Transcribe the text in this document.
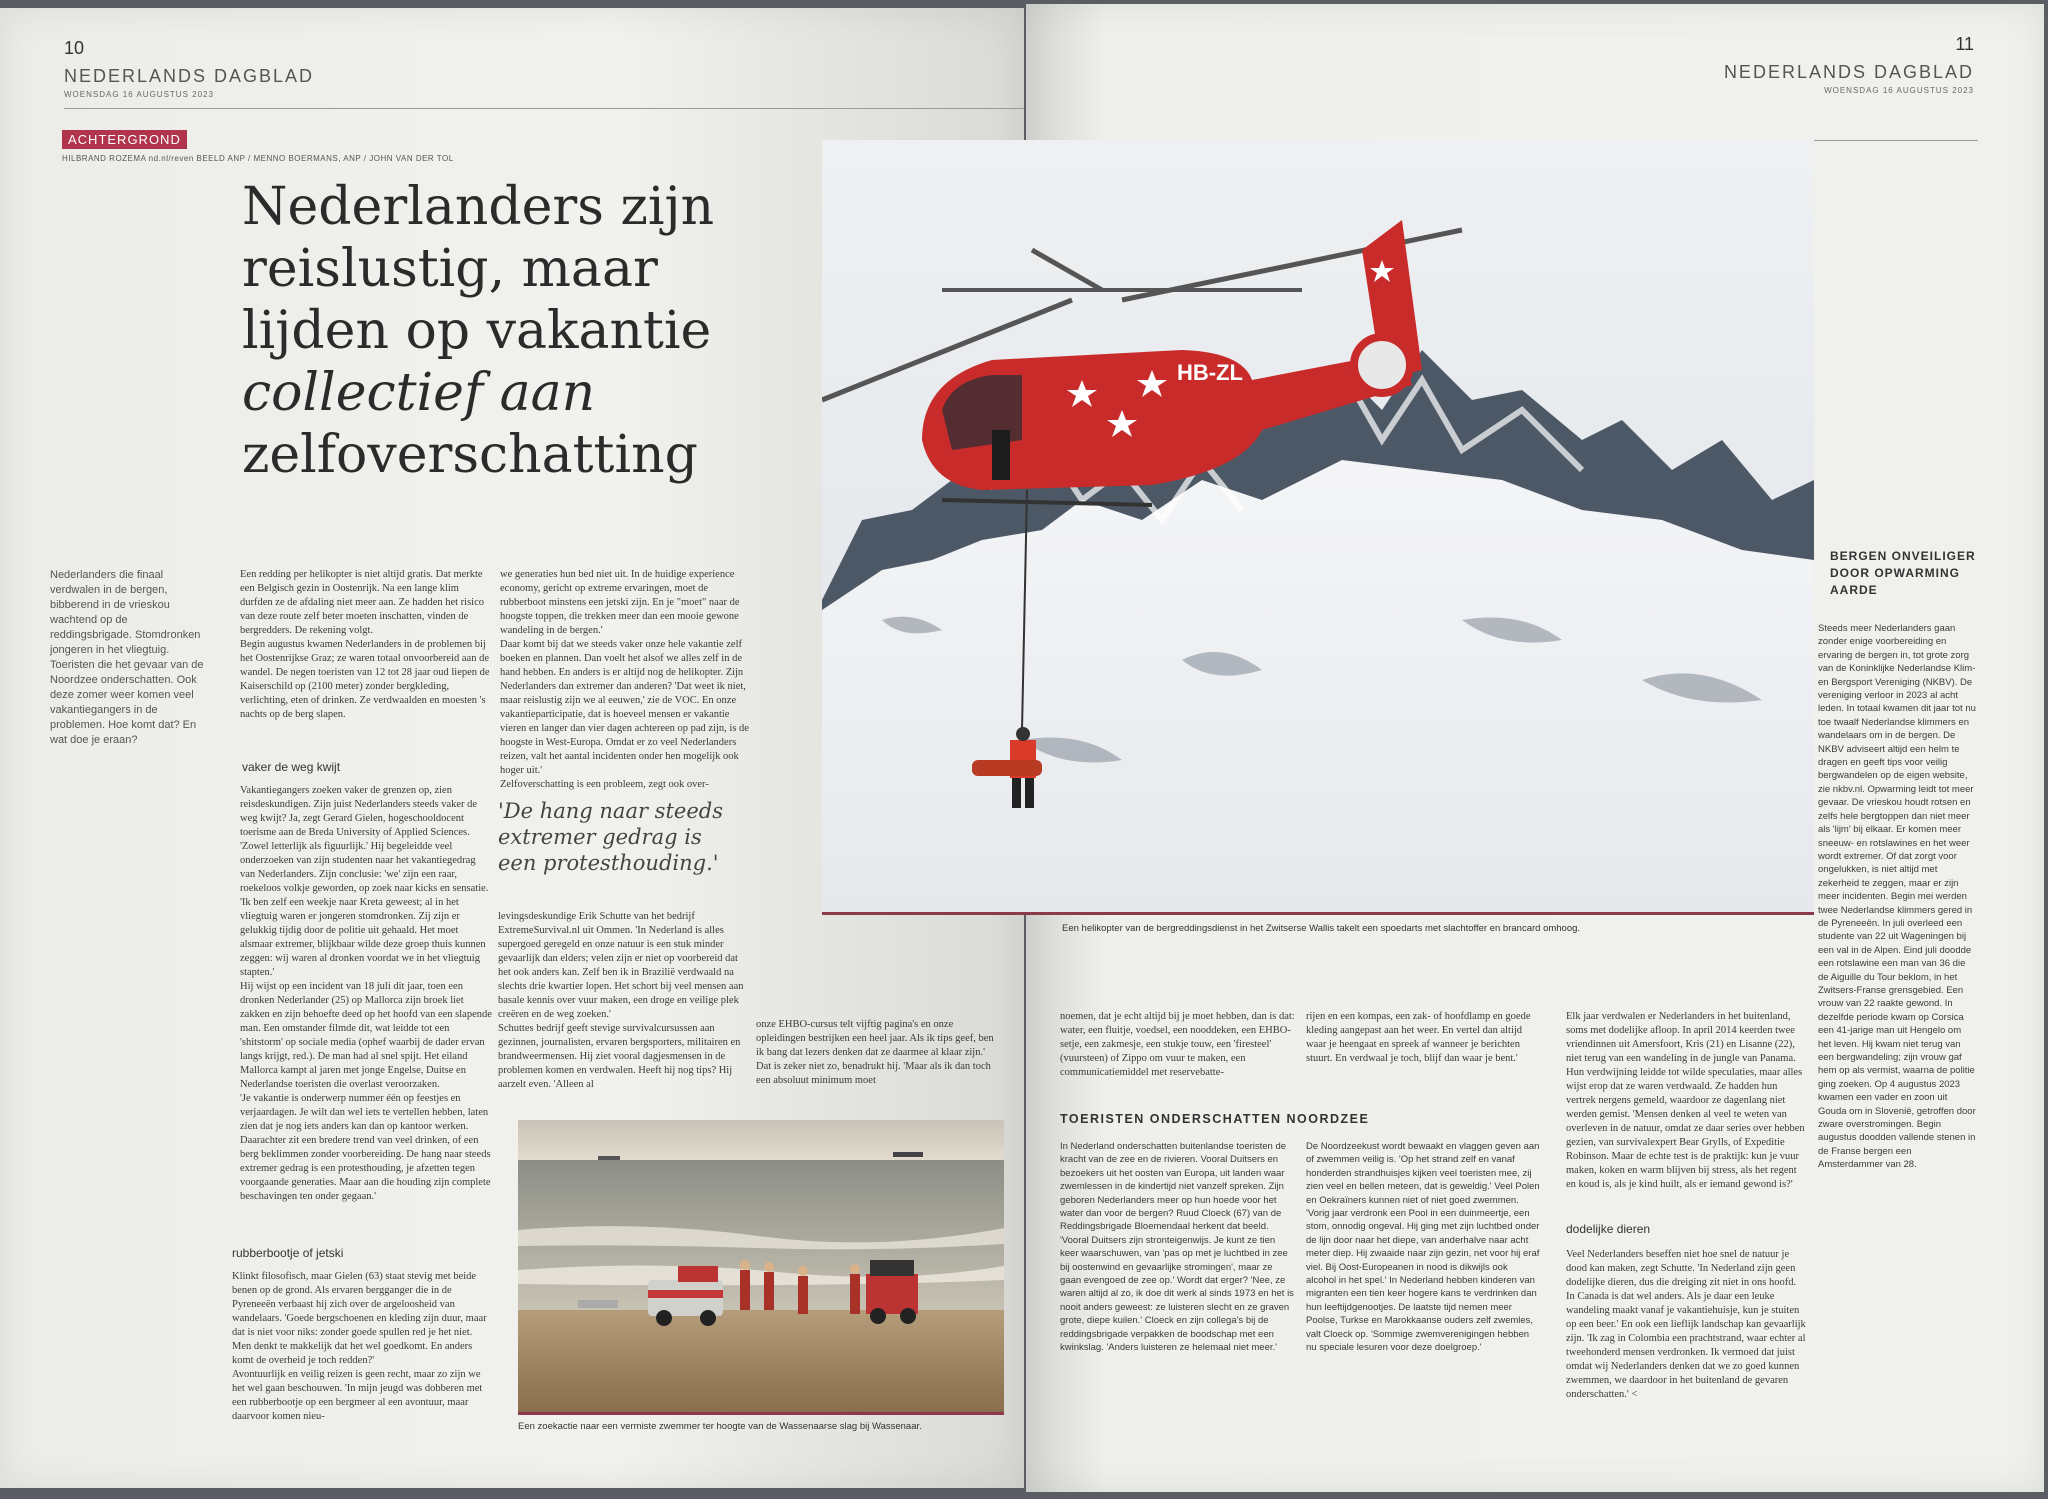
10
NEDERLANDS DAGBLAD
WOENSDAG 16 AUGUSTUS 2023
ACHTERGROND
HILBRAND ROZEMA nd.nl/reven BEELD ANP / MENNO BOERMANS, ANP / JOHN VAN DER TOL
Nederlanders zijn
reislustig, maar
lijden op vakantie
collectief aan
zelfoverschatting
Nederlanders die finaal verdwalen in de bergen, bibberend in de vrieskou wachtend op de reddingsbrigade. Stomdronken jongeren in het vliegtuig. Toeristen die het gevaar van de Noordzee onderschatten. Ook deze zomer weer komen veel vakantiegangers in de problemen. Hoe komt dat? En wat doe je eraan?

Een redding per helikopter is niet altijd gratis. Dat merkte een Belgisch gezin in Oostenrijk. Na een lange klim durfden ze de afdaling niet meer aan. Ze hadden het risico van deze route zelf beter moeten inschatten, vinden de bergredders. De rekening volgt.

Begin augustus kwamen Nederlanders in de problemen bij het Oostenrijkse Graz; ze waren totaal onvoorbereid aan de wandel. De negen toeristen van 12 tot 28 jaar oud liepen de Kaiserschild op (2100 meter) zonder bergkleding, verlichting, eten of drinken. Ze verdwaalden en moesten 's nachts op de berg slapen.

vaker de weg kwijt

Vakantiegangers zoeken vaker de grenzen op, zien reisdeskundigen. Zijn juist Nederlanders steeds vaker de weg kwijt? Ja, zegt Gerard Gielen, hogeschooldocent toerisme aan de Breda University of Applied Sciences. 'Zowel letterlijk als figuurlijk.' Hij begeleidde veel onderzoeken van zijn studenten naar het vakantiegedrag van Nederlanders. Zijn conclusie: 'we' zijn een raar, roekeloos volkje geworden, op zoek naar kicks en sensatie.

'Ik ben zelf een weekje naar Kreta geweest; al in het vliegtuig waren er jongeren stomdronken. Zij zijn er gelukkig tijdig door de politie uit gehaald. Het moet alsmaar extremer, blijkbaar wilde deze groep thuis kunnen zeggen: wij waren al dronken voordat we in het vliegtuig stapten.'

Hij wijst op een incident van 18 juli dit jaar, toen een dronken Nederlander (25) op Mallorca zijn broek liet zakken en zijn behoefte deed op het hoofd van een slapende man. Een omstander filmde dit, wat leidde tot een 'shitstorm' op sociale media (ophef waarbij de dader ervan langs krijgt, red.). De man had al snel spijt. Het eiland Mallorca kampt al jaren met jonge Engelse, Duitse en Nederlandse toeristen die overlast veroorzaken.

'Je vakantie is onderwerp nummer één op feestjes en verjaardagen. Je wilt dan wel iets te vertellen hebben, laten zien dat je nog iets anders kan dan op kantoor werken. Daarachter zit een bredere trend van veel drinken, of een berg beklimmen zonder voorbereiding. De hang naar steeds extremer gedrag is een protesthouding, je afzetten tegen voorgaande generaties. Maar aan die houding zijn complete beschavingen ten onder gegaan.'

rubberbootje of jetski

Klinkt filosofisch, maar Gielen (63) staat stevig met beide benen op de grond. Als ervaren bergganger die in de Pyreneeën verbaast hij zich over de argeloosheid van wandelaars. 'Goede bergschoenen en kleding zijn duur, maar dat is niet voor niks: zonder goede spullen red je het niet. Men denkt te makkelijk dat het wel goedkomt. En anders komt de overheid je toch redden?'

Avontuurlijk en veilig reizen is geen recht, maar zo zijn we het wel gaan beschouwen. 'In mijn jeugd was dobberen met een rubberbootje op een bergmeer al een avontuur, maar daarvoor komen nieu-

we generaties hun bed niet uit. In de huidige experience economy, gericht op extreme ervaringen, moet de rubberboot minstens een jetski zijn. En je "moet" naar de hoogste toppen, die trekken meer dan een mooie gewone wandeling in de bergen.'

Daar komt bij dat we steeds vaker onze hele vakantie zelf boeken en plannen. Dan voelt het alsof we alles zelf in de hand hebben. En anders is er altijd nog de helikopter. Zijn Nederlanders dan extremer dan anderen? 'Dat weet ik niet, maar reislustig zijn we al eeuwen,' zie de VOC. En onze vakantieparticipatie, dat is hoeveel mensen er vakantie vieren en langer dan vier dagen achtereen op pad zijn, is de hoogste in West-Europa. Omdat er zo veel Nederlanders reizen, valt het aantal incidenten onder hen mogelijk ook hoger uit.'

Zelfoverschatting is een probleem, zegt ook over-

'De hang naar steeds extremer gedrag is een protesthouding.'

levingsdeskundige Erik Schutte van het bedrijf ExtremeSurvival.nl uit Ommen. 'In Nederland is alles supergoed geregeld en onze natuur is een stuk minder gevaarlijk dan elders; velen zijn er niet op voorbereid dat het ook anders kan. Zelf ben ik in Brazilië verdwaald na slechts drie kwartier lopen. Het schort bij veel mensen aan basale kennis over vuur maken, een droge en veilige plek creëren en de weg zoeken.'

Schuttes bedrijf geeft stevige survivalcursussen aan gezinnen, journalisten, ervaren bergsporters, militairen en brandweermensen. Hij ziet vooral dagjesmensen in de problemen komen en verdwalen. Heeft hij nog tips? Hij aarzelt even. 'Alleen al

onze EHBO-cursus telt vijftig pagina's en onze opleidingen bestrijken een heel jaar. Als ik tips geef, ben ik bang dat lezers denken dat ze daarmee al klaar zijn.' Dat is zeker niet zo, benadrukt hij. 'Maar als ik dan toch een absoluut minimum moet

Een zoekactie naar een vermiste zwemmer ter hoogte van de Wassenaarse slag bij Wassenaar.
11
NEDERLANDS DAGBLAD
WOENSDAG 16 AUGUSTUS 2023
HB-ZL
Een helikopter van de bergreddingsdienst in het Zwitserse Wallis takelt een spoedarts met slachtoffer en brancard omhoog.

noemen, dat je echt altijd bij je moet hebben, dan is dat: water, een fluitje, voedsel, een nooddeken, een EHBO-setje, een zakmesje, een stukje touw, een 'firesteel' (vuursteen) of Zippo om vuur te maken, een communicatiemiddel met reservebatte-

rijen en een kompas, een zak- of hoofdlamp en goede kleding aangepast aan het weer. En vertel dan altijd waar je heengaat en spreek af wanneer je berichten stuurt. En verdwaal je toch, blijf dan waar je bent.'

TOERISTEN ONDERSCHATTEN NOORDZEE
In Nederland onderschatten buitenlandse toeristen de kracht van de zee en de rivieren. Vooral Duitsers en bezoekers uit het oosten van Europa, uit landen waar zwemlessen in de kindertijd niet vanzelf spreken. Zijn geboren Nederlanders meer op hun hoede voor het water dan voor de bergen? Ruud Cloeck (67) van de Reddingsbrigade Bloemendaal herkent dat beeld. 'Vooral Duitsers zijn stronteigenwijs. Je kunt ze tien keer waarschuwen, van 'pas op met je luchtbed in zee bij oostenwind en gevaarlijke stromingen', maar ze gaan evengoed de zee op.' Wordt dat erger? 'Nee, ze waren altijd al zo, ik doe dit werk al sinds 1973 en het is nooit anders geweest: ze luisteren slecht en ze graven grote, diepe kuilen.' Cloeck en zijn collega's bij de reddingsbrigade verpakken de boodschap met een kwinkslag. 'Anders luisteren ze helemaal niet meer.'
De Noordzeekust wordt bewaakt en vlaggen geven aan of zwemmen veilig is. 'Op het strand zelf en vanaf honderden strandhuisjes kijken veel toeristen mee, zij zien veel en bellen meteen, dat is geweldig.' Veel Polen en Oekraïners kunnen niet of niet goed zwemmen. 'Vorig jaar verdronk een Pool in een duinmeertje, een stom, onnodig ongeval. Hij ging met zijn luchtbed onder de lijn door naar het diepe, van anderhalve naar acht meter diep. Hij zwaaide naar zijn gezin, net voor hij eraf viel. Bij Oost-Europeanen in nood is dikwijls ook alcohol in het spel.' In Nederland hebben kinderen van migranten een tien keer hogere kans te verdrinken dan hun leeftijdgenootjes. De laatste tijd nemen meer Poolse, Turkse en Marokkaanse ouders zelf zwemles, valt Cloeck op. 'Sommige zwemverenigingen hebben nu speciale lesuren voor deze doelgroep.'

Elk jaar verdwalen er Nederlanders in het buitenland, soms met dodelijke afloop. In april 2014 keerden twee vriendinnen uit Amersfoort, Kris (21) en Lisanne (22), niet terug van een wandeling in de jungle van Panama. Hun verdwijning leidde tot wilde speculaties, maar alles wijst erop dat ze waren verdwaald. Ze hadden hun vertrek nergens gemeld, waardoor ze dagenlang niet werden gemist. 'Mensen denken al veel te weten van overleven in de natuur, omdat ze daar series over hebben gezien, van survivalexpert Bear Grylls, of Expeditie Robinson. Maar de echte test is de praktijk: kun je vuur maken, koken en warm blijven bij stress, als het regent en koud is, als je kind huilt, als er iemand gewond is?'

dodelijke dieren

Veel Nederlanders beseffen niet hoe snel de natuur je dood kan maken, zegt Schutte. 'In Nederland zijn geen dodelijke dieren, dus die dreiging zit niet in ons hoofd. In Canada is dat wel anders. Als je daar een leuke wandeling maakt vanaf je vakantiehuisje, kun je stuiten op een beer.' En ook een lieflijk landschap kan gevaarlijk zijn. 'Ik zag in Colombia een prachtstrand, waar echter al tweehonderd mensen verdronken. Ik vermoed dat juist omdat wij Nederlanders denken dat we zo goed kunnen zwemmen, we daardoor in het buitenland de gevaren onderschatten.' <

BERGEN ONVEILIGER DOOR OPWARMING AARDE
Steeds meer Nederlanders gaan zonder enige voorbereiding en ervaring de bergen in, tot grote zorg van de Koninklijke Nederlandse Klim- en Bergsport Vereniging (NKBV). De vereniging verloor in 2023 al acht leden. In totaal kwamen dit jaar tot nu toe twaalf Nederlandse klimmers en wandelaars om in de bergen. De NKBV adviseert altijd een helm te dragen en geeft tips voor veilig bergwandelen op de eigen website, zie nkbv.nl. Opwarming leidt tot meer gevaar. De vrieskou houdt rotsen en zelfs hele bergtoppen dan niet meer als 'lijm' bij elkaar. Er komen meer sneeuw- en rotslawines en het weer wordt extremer. Of dat zorgt voor ongelukken, is niet altijd met zekerheid te zeggen, maar er zijn meer incidenten. Begin mei werden twee Nederlandse klimmers gered in de Pyreneeën. In juli overleed een studente van 22 uit Wageningen bij een val in de Alpen. Eind juli doodde een rotslawine een man van 36 die de Aiguille du Tour beklom, in het Zwitsers-Franse grensgebied. Een vrouw van 22 raakte gewond. In dezelfde periode kwam op Corsica een 41-jarige man uit Hengelo om het leven. Hij kwam niet terug van een bergwandeling; zijn vrouw gaf hem op als vermist, waarna de politie ging zoeken. Op 4 augustus 2023 kwamen een vader en zoon uit Gouda om in Slovenië, getroffen door zware overstromingen. Begin augustus doodden vallende stenen in de Franse bergen een Amsterdammer van 28.
